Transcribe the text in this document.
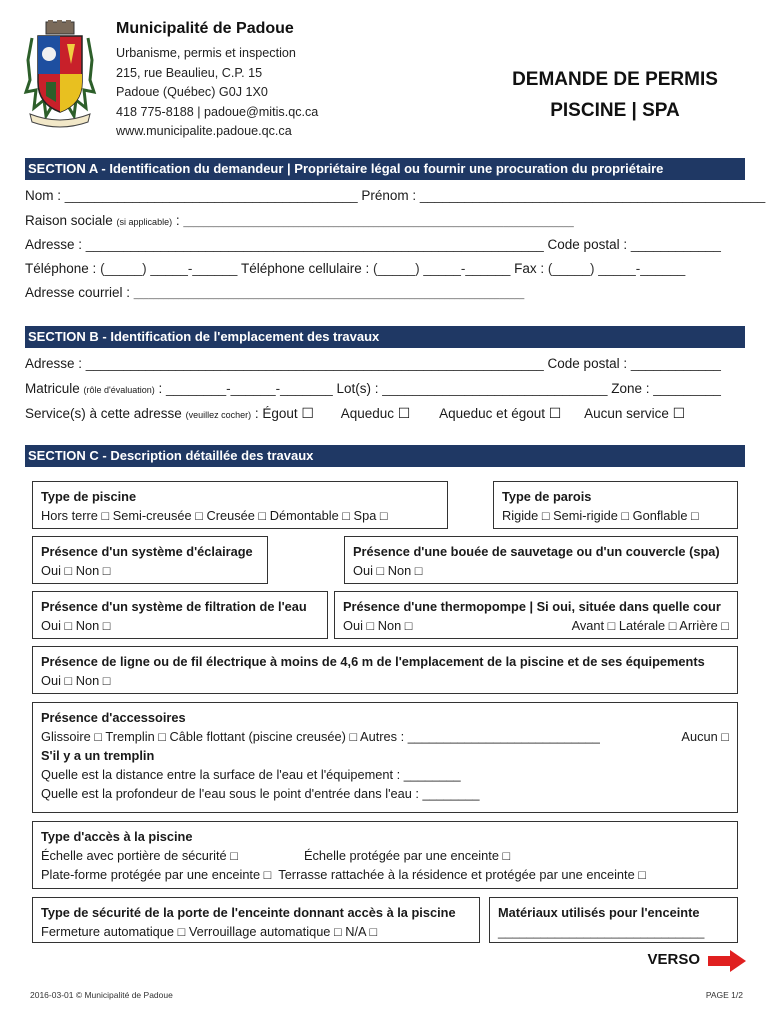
Municipalité de Padoue
Urbanisme, permis et inspection
215, rue Beaulieu, C.P. 15
Padoue (Québec) G0J 1X0
418 775-8188 | padoue@mitis.qc.ca
www.municipalite.padoue.qc.ca
DEMANDE DE PERMIS
PISCINE | SPA
SECTION A - Identification du demandeur | Propriétaire légal ou fournir une procuration du propriétaire
Nom : _______________________________________ Prénom : ______________________________________________
Raison sociale (si applicable) : ______________________________________________________________________________
Adresse : _____________________________________________________________ Code postal : ____________
Téléphone : (_____) _____-______ Téléphone cellulaire : (_____) _____-______ Fax : (_____) _____-______
Adresse courriel : ______________________________________________________________________________
SECTION B - Identification de l'emplacement des travaux
Adresse : _____________________________________________________________ Code postal : ____________
Matricule (rôle d'évaluation) : ________-______-_______ Lot(s) : ______________________________ Zone : _________
Service(s) à cette adresse (veuillez cocher) : Égout ☐ Aqueduc ☐ Aqueduc et égout ☐ Aucun service ☐
SECTION C - Description détaillée des travaux
Type de piscine
Hors terre □ Semi-creusée □ Creusée □ Démontable □ Spa □
Type de parois
Rigide □ Semi-rigide □ Gonflable □
Présence d'un système d'éclairage
Oui □ Non □
Présence d'une bouée de sauvetage ou d'un couvercle (spa)
Oui □ Non □
Présence d'un système de filtration de l'eau
Oui □ Non □
Présence d'une thermopompe | Si oui, située dans quelle cour
Oui □ Non □	Avant □ Latérale □ Arrière □
Présence de ligne ou de fil électrique à moins de 4,6 m de l'emplacement de la piscine et de ses équipements
Oui □ Non □
Présence d'accessoires
Glissoire □ Tremplin □ Câble flottant (piscine creusée) □ Autres : ___________________________	Aucun □
S'il y a un tremplin
Quelle est la distance entre la surface de l'eau et l'équipement : ________
Quelle est la profondeur de l'eau sous le point d'entrée dans l'eau : ________
Type d'accès à la piscine
Échelle avec portière de sécurité □	Échelle protégée par une enceinte □
Plate-forme protégée par une enceinte □ Terrasse rattachée à la résidence et protégée par une enceinte □
Type de sécurité de la porte de l'enceinte donnant accès à la piscine
Fermeture automatique □ Verrouillage automatique □ N/A □
Matériaux utilisés pour l'enceinte
_____________________________
VERSO
2016-03-01 © Municipalité de Padoue	PAGE 1/2
